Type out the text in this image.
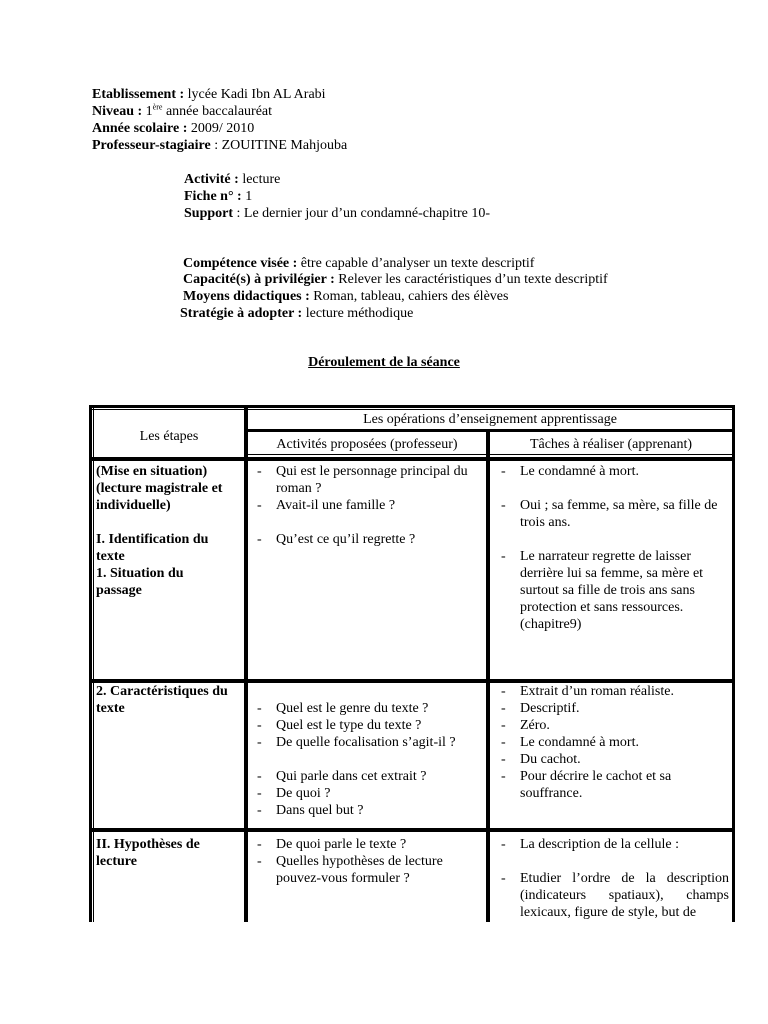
Etablissement : lycée Kadi Ibn AL Arabi
Niveau : 1ère année baccalauréat
Année scolaire : 2009/ 2010
Professeur-stagiaire : ZOUITINE Mahjouba
Activité : lecture
Fiche n° : 1
Support : Le dernier jour d’un condamné-chapitre 10-
Compétence visée : être capable d’analyser un texte descriptif
Capacité(s) à privilégier : Relever les caractéristiques d’un texte descriptif
Moyens didactiques : Roman, tableau, cahiers des élèves
Stratégie à adopter : lecture méthodique
Déroulement de la séance
Les étapes
Les opérations d’enseignement apprentissage
Activités proposées (professeur)	Tâches à réaliser (apprenant)
(Mise en situation)
(lecture magistrale et
individuelle)
I. Identification du
texte
1. Situation du
passage
- Qui est le personnage principal du roman ?
- Avait-il une famille ?
- Qu’est ce qu’il regrette ?
- Le condamné à mort.
- Oui ; sa femme, sa mère, sa fille de trois ans.
- Le narrateur regrette de laisser derrière lui sa femme, sa mère et surtout sa fille de trois ans sans protection et sans ressources. (chapitre9)
2. Caractéristiques du
texte
-	Quel est le genre du texte ?
- Quel est le type du texte ?
- De quelle focalisation s’agit-il ?
- Qui parle dans cet extrait ?
- De quoi ?
- Dans quel but ?
- Extrait d’un roman réaliste.
- Descriptif.
- Zéro.
- Le condamné à mort.
- Du cachot.
- Pour décrire le cachot et sa souffrance.
II. Hypothèses de
lecture
- De quoi parle le texte ?
- Quelles hypothèses de lecture pouvez-vous formuler ?
- La description de la cellule :
- Etudier l’ordre de la description (indicateurs spatiaux), champs lexicaux, figure de style, but de
